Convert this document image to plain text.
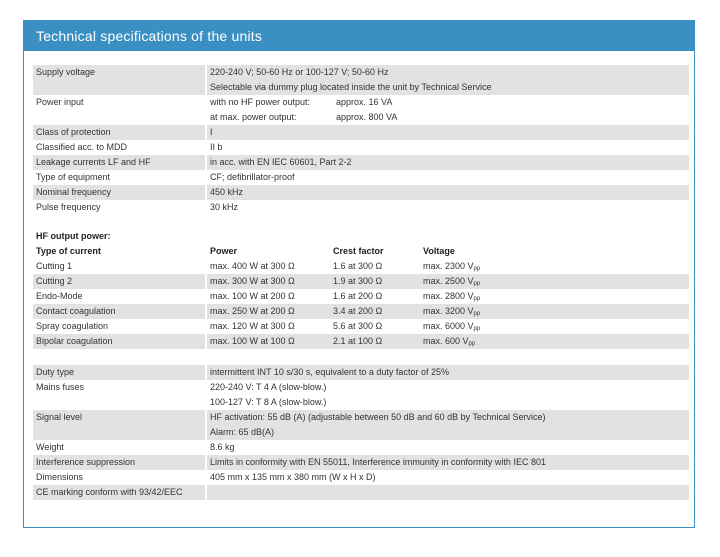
Technical specifications of the units
Supply voltage	220-240 V; 50-60 Hz or 100-127 V; 50-60 Hz
Selectable via dummy plug located inside the unit by Technical Service
Power input	with no HF power output:	approx. 16 VA
at max. power output:	approx. 800 VA
Class of protection	I
Classified acc. to MDD	II b
Leakage currents LF and HF	in acc. with EN IEC 60601, Part 2-2
Type of equipment	CF; defibrillator-proof
Nominal frequency	450 kHz
Pulse frequency	30 kHz
HF output power:
Type of current	Power	Crest factor	Voltage
Cutting 1	max. 400 W at 300 Ω	1.6 at 300 Ω	max. 2300 Vpp
Cutting 2	max. 300 W at 300 Ω	1.9 at 300 Ω	max. 2500 Vpp
Endo-Mode	max. 100 W at 200 Ω	1.6 at 200 Ω	max. 2800 Vpp
Contact coagulation	max. 250 W at 200 Ω	3.4 at 200 Ω	max. 3200 Vpp
Spray coagulation	max. 120 W at 300 Ω	5.6 at 300 Ω	max. 6000 Vpp
Bipolar coagulation	max. 100 W at 100 Ω	2.1 at 100 Ω	max. 600 Vpp
Duty type	intermittent INT 10 s/30 s, equivalent to a duty factor of 25%
Mains fuses	220-240 V: T 4 A (slow-blow.)
100-127 V: T 8 A (slow-blow.)
Signal level	HF activation: 55 dB (A) (adjustable between 50 dB and 60 dB by Technical Service)
Alarm: 65 dB(A)
Weight	8.6 kg
Interference suppression	Limits in conformity with EN 55011, Interference immunity in conformity with IEC 801
Dimensions	405 mm x 135 mm x 380 mm (W x H x D)
CE marking conform with 93/42/EEC
